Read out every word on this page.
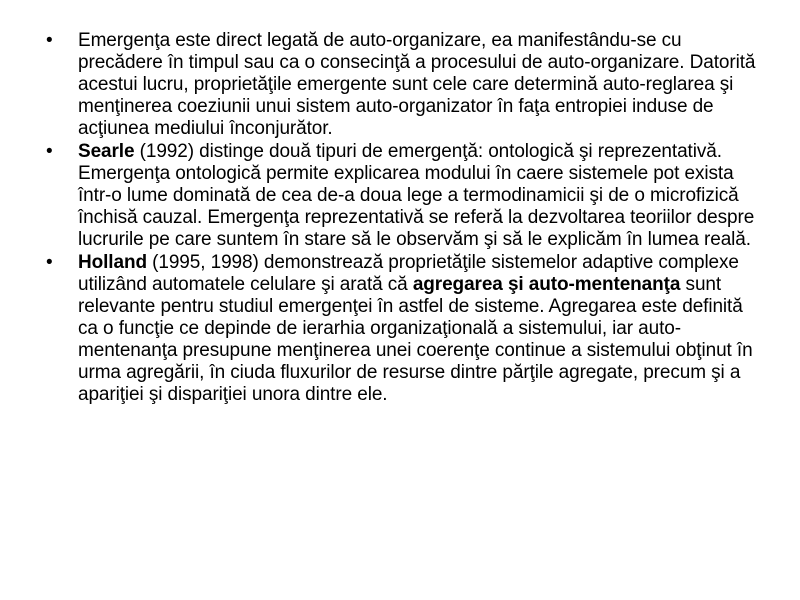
• Emergenţa este direct legată de auto-organizare, ea manifestându-se cu precădere în timpul sau ca o consecinţă a procesului de auto-organizare. Datorită acestui lucru, proprietăţile emergente sunt cele care determină auto-reglarea şi menţinerea coeziunii unui sistem auto-organizator în faţa entropiei induse de acţiunea mediului înconjurător.
• Searle (1992) distinge două tipuri de emergenţă: ontologică şi reprezentativă. Emergenţa ontologică permite explicarea modului în caere sistemele pot exista într-o lume dominată de cea de-a doua lege a termodinamicii şi de o microfizică închisă cauzal. Emergenţa reprezentativă se referă la dezvoltarea teoriilor despre lucrurile pe care suntem în stare să le observăm şi să le explicăm în lumea reală.
• Holland (1995, 1998) demonstrează proprietăţile sistemelor adaptive complexe utilizând automatele celulare şi arată că agregarea şi auto-mentenanţa sunt relevante pentru studiul emergenţei în astfel de sisteme. Agregarea este definită ca o funcţie ce depinde de ierarhia organizaţională a sistemului, iar auto-mentenanţa presupune menţinerea unei coerenţe continue a sistemului obţinut în urma agregării, în ciuda fluxurilor de resurse dintre părţile agregate, precum şi a apariţiei şi dispariţiei unora dintre ele.
